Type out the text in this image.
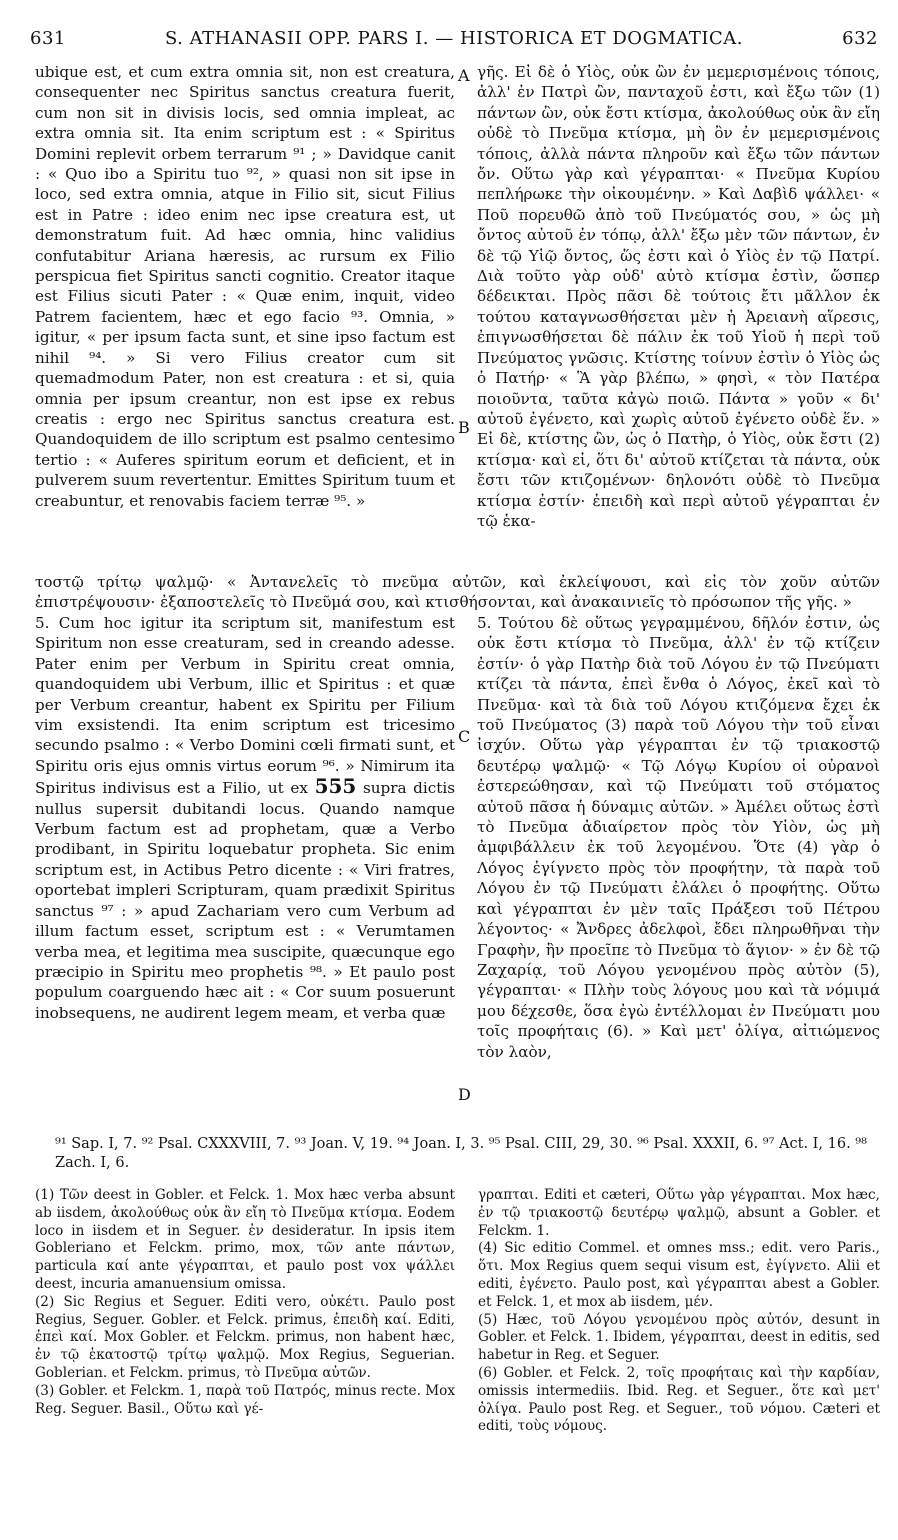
631	S. ATHANASII OPP. PARS I. — HISTORICA ET DOGMATICA.	632

ubique est, et cum extra omnia sit, non est creatura, consequenter nec Spiritus sanctus creatura fuerit, cum non sit in divisis locis, sed omnia impleat, ac extra omnia sit. Ita enim scriptum est : « Spiritus Domini replevit orbem terrarum ⁹¹ ; » Davidque canit : « Quo ibo a Spiritu tuo ⁹², » quasi non sit ipse in loco, sed extra omnia, atque in Filio sit, sicut Filius est in Patre : ideo enim nec ipse creatura est, ut demonstratum fuit. Ad hæc omnia, hinc validius confutabitur Ariana hæresis, ac rursum ex Filio perspicua fiet Spiritus sancti cognitio. Creator itaque est Filius sicuti Pater : « Quæ enim, inquit, video Patrem facientem, hæc et ego facio ⁹³. Omnia, » igitur, « per ipsum facta sunt, et sine ipso factum est nihil ⁹⁴. » Si vero Filius creator cum sit quemadmodum Pater, non est creatura : et si, quia omnia per ipsum creantur, non est ipse ex rebus creatis : ergo nec Spiritus sanctus creatura est. Quandoquidem de illo scriptum est psalmo centesimo tertio : « Auferes spiritum eorum et deficient, et in pulverem suum revertentur. Emittes Spiritum tuum et creabuntur, et renovabis faciem terræ ⁹⁵. »

γῆς. Εἰ δὲ ὁ Υἱὸς, οὐκ ὢν ἐν μεμερισμένοις τόποις, ἀλλ' ἐν Πατρὶ ὢν, πανταχοῦ ἐστι, καὶ ἔξω τῶν (1) πάντων ὢν, οὐκ ἔστι κτίσμα, ἀκολούθως οὐκ ἂν εἴη οὐδὲ τὸ Πνεῦμα κτίσμα, μὴ ὂν ἐν μεμερισμένοις τόποις, ἀλλὰ πάντα πληροῦν καὶ ἔξω τῶν πάντων ὄν. Οὕτω γὰρ καὶ γέγραπται· « Πνεῦμα Κυρίου πεπλήρωκε τὴν οἰκουμένην. » Καὶ Δαβὶδ ψάλλει· « Ποῦ πορευθῶ ἀπὸ τοῦ Πνεύματός σου, » ὡς μὴ ὄντος αὐτοῦ ἐν τόπῳ, ἀλλ' ἔξω μὲν τῶν πάντων, ἐν δὲ τῷ Υἱῷ ὄντος, ὥς ἐστι καὶ ὁ Υἱὸς ἐν τῷ Πατρί. Διὰ τοῦτο γὰρ οὐδ' αὐτὸ κτίσμα ἐστὶν, ὥσπερ δέδεικται. Πρὸς πᾶσι δὲ τούτοις ἔτι μᾶλλον ἐκ τούτου καταγνωσθήσεται μὲν ἡ Ἀρειανὴ αἵρεσις, ἐπιγνωσθήσεται δὲ πάλιν ἐκ τοῦ Υἱοῦ ἡ περὶ τοῦ Πνεύματος γνῶσις. Κτίστης τοίνυν ἐστὶν ὁ Υἱὸς ὡς ὁ Πατήρ· « Ἃ γὰρ βλέπω, » φησὶ, « τὸν Πατέρα ποιοῦντα, ταῦτα κἀγὼ ποιῶ. Πάντα » γοῦν « δι' αὐτοῦ ἐγένετο, καὶ χωρὶς αὐτοῦ ἐγένετο οὐδὲ ἕν. » Εἰ δὲ, κτίστης ὢν, ὡς ὁ Πατὴρ, ὁ Υἱὸς, οὐκ ἔστι (2) κτίσμα· καὶ εἰ, ὅτι δι' αὐτοῦ κτίζεται τὰ πάντα, οὐκ ἔστι τῶν κτιζομένων· δηλονότι οὐδὲ τὸ Πνεῦμα κτίσμα ἐστίν· ἐπειδὴ καὶ περὶ αὐτοῦ γέγραπται ἐν τῷ ἑκα-

A
B
C
D

τοστῷ τρίτῳ ψαλμῷ· « Ἀντανελεῖς τὸ πνεῦμα αὐτῶν, καὶ ἐκλείψουσι, καὶ εἰς τὸν χοῦν αὐτῶν ἐπιστρέψουσιν· ἐξαποστελεῖς τὸ Πνεῦμά σου, καὶ κτισθήσονται, καὶ ἀνακαινιεῖς τὸ πρόσωπον τῆς γῆς. »

5. Cum hoc igitur ita scriptum sit, manifestum est Spiritum non esse creaturam, sed in creando adesse. Pater enim per Verbum in Spiritu creat omnia, quandoquidem ubi Verbum, illic et Spiritus : et quæ per Verbum creantur, habent ex Spiritu per Filium vim exsistendi. Ita enim scriptum est tricesimo secundo psalmo : « Verbo Domini cœli firmati sunt, et Spiritu oris ejus omnis virtus eorum ⁹⁶. » Nimirum ita Spiritus indivisus est a Filio, ut ex 555 supra dictis nullus supersit dubitandi locus. Quando namque Verbum factum est ad prophetam, quæ a Verbo prodibant, in Spiritu loquebatur propheta. Sic enim scriptum est, in Actibus Petro dicente : « Viri fratres, oportebat impleri Scripturam, quam prædixit Spiritus sanctus ⁹⁷ : » apud Zachariam vero cum Verbum ad illum factum esset, scriptum est : « Verumtamen verba mea, et legitima mea suscipite, quæcunque ego præcipio in Spiritu meo prophetis ⁹⁸. » Et paulo post populum coarguendo hæc ait : « Cor suum posuerunt inobsequens, ne audirent legem meam, et verba quæ

5. Τούτου δὲ οὕτως γεγραμμένου, δῆλόν ἐστιν, ὡς οὐκ ἔστι κτίσμα τὸ Πνεῦμα, ἀλλ' ἐν τῷ κτίζειν ἐστίν· ὁ γὰρ Πατὴρ διὰ τοῦ Λόγου ἐν τῷ Πνεύματι κτίζει τὰ πάντα, ἐπεὶ ἔνθα ὁ Λόγος, ἐκεῖ καὶ τὸ Πνεῦμα· καὶ τὰ διὰ τοῦ Λόγου κτιζόμενα ἔχει ἐκ τοῦ Πνεύματος (3) παρὰ τοῦ Λόγου τὴν τοῦ εἶναι ἰσχύν. Οὕτω γὰρ γέγραπται ἐν τῷ τριακοστῷ δευτέρῳ ψαλμῷ· « Τῷ Λόγῳ Κυρίου οἱ οὐρανοὶ ἐστερεώθησαν, καὶ τῷ Πνεύματι τοῦ στόματος αὐτοῦ πᾶσα ἡ δύναμις αὐτῶν. » Ἀμέλει οὕτως ἐστὶ τὸ Πνεῦμα ἀδιαίρετον πρὸς τὸν Υἱὸν, ὡς μὴ ἀμφιβάλλειν ἐκ τοῦ λεγομένου. Ὅτε (4) γὰρ ὁ Λόγος ἐγίγνετο πρὸς τὸν προφήτην, τὰ παρὰ τοῦ Λόγου ἐν τῷ Πνεύματι ἐλάλει ὁ προφήτης. Οὕτω καὶ γέγραπται ἐν μὲν ταῖς Πράξεσι τοῦ Πέτρου λέγοντος· « Ἄνδρες ἀδελφοὶ, ἔδει πληρωθῆναι τὴν Γραφὴν, ἣν προεῖπε τὸ Πνεῦμα τὸ ἅγιον· » ἐν δὲ τῷ Ζαχαρίᾳ, τοῦ Λόγου γενομένου πρὸς αὐτὸν (5), γέγραπται· « Πλὴν τοὺς λόγους μου καὶ τὰ νόμιμά μου δέχεσθε, ὅσα ἐγὼ ἐντέλλομαι ἐν Πνεύματι μου τοῖς προφήταις (6). » Καὶ μετ' ὀλίγα, αἰτιώμενος τὸν λαὸν,

⁹¹ Sap. I, 7. ⁹² Psal. CXXXVIII, 7. ⁹³ Joan. V, 19. ⁹⁴ Joan. I, 3. ⁹⁵ Psal. CIII, 29, 30. ⁹⁶ Psal. XXXII, 6. ⁹⁷ Act. I, 16. ⁹⁸ Zach. I, 6.

(1) Τῶν deest in Gobler. et Felck. 1. Mox hæc verba absunt ab iisdem, ἀκολούθως οὐκ ἂν εἴη τὸ Πνεῦμα κτίσμα. Eodem loco in iisdem et in Seguer. ἐν desideratur. In ipsis item Gobleriano et Felckm. primo, mox, τῶν ante πάντων, particula καί ante γέγραπται, et paulo post vox ψάλλει deest, incuria amanuensium omissa.

(2) Sic Regius et Seguer. Editi vero, οὐκέτι. Paulo post Regius, Seguer. Gobler. et Felck. primus, ἐπειδὴ καί. Editi, ἐπεὶ καί. Mox Gobler. et Felckm. primus, non habent hæc, ἐν τῷ ἑκατοστῷ τρίτῳ ψαλμῷ. Mox Regius, Seguerian. Goblerian. et Felckm. primus, τὸ Πνεῦμα αὐτῶν.

(3) Gobler. et Felckm. 1, παρὰ τοῦ Πατρός, minus recte. Mox Reg. Seguer. Basil., Οὕτω καὶ γέ-

γραπται. Editi et cæteri, Οὕτω γὰρ γέγραπται. Mox hæc, ἐν τῷ τριακοστῷ δευτέρῳ ψαλμῷ, absunt a Gobler. et Felckm. 1.

(4) Sic editio Commel. et omnes mss.; edit. vero Paris., ὅτι. Mox Regius quem sequi visum est, ἐγίγνετο. Alii et editi, ἐγένετο. Paulo post, καὶ γέγραπται abest a Gobler. et Felck. 1, et mox ab iisdem, μέν.

(5) Hæc, τοῦ Λόγου γενομένου πρὸς αὐτόν, desunt in Gobler. et Felck. 1. Ibidem, γέγραπται, deest in editis, sed habetur in Reg. et Seguer.

(6) Gobler. et Felck. 2, τοῖς προφήταις καὶ τὴν καρδίαν, omissis intermediis. Ibid. Reg. et Seguer., ὅτε καὶ μετ' ὀλίγα. Paulo post Reg. et Seguer., τοῦ νόμου. Cæteri et editi, τοὺς νόμους.
